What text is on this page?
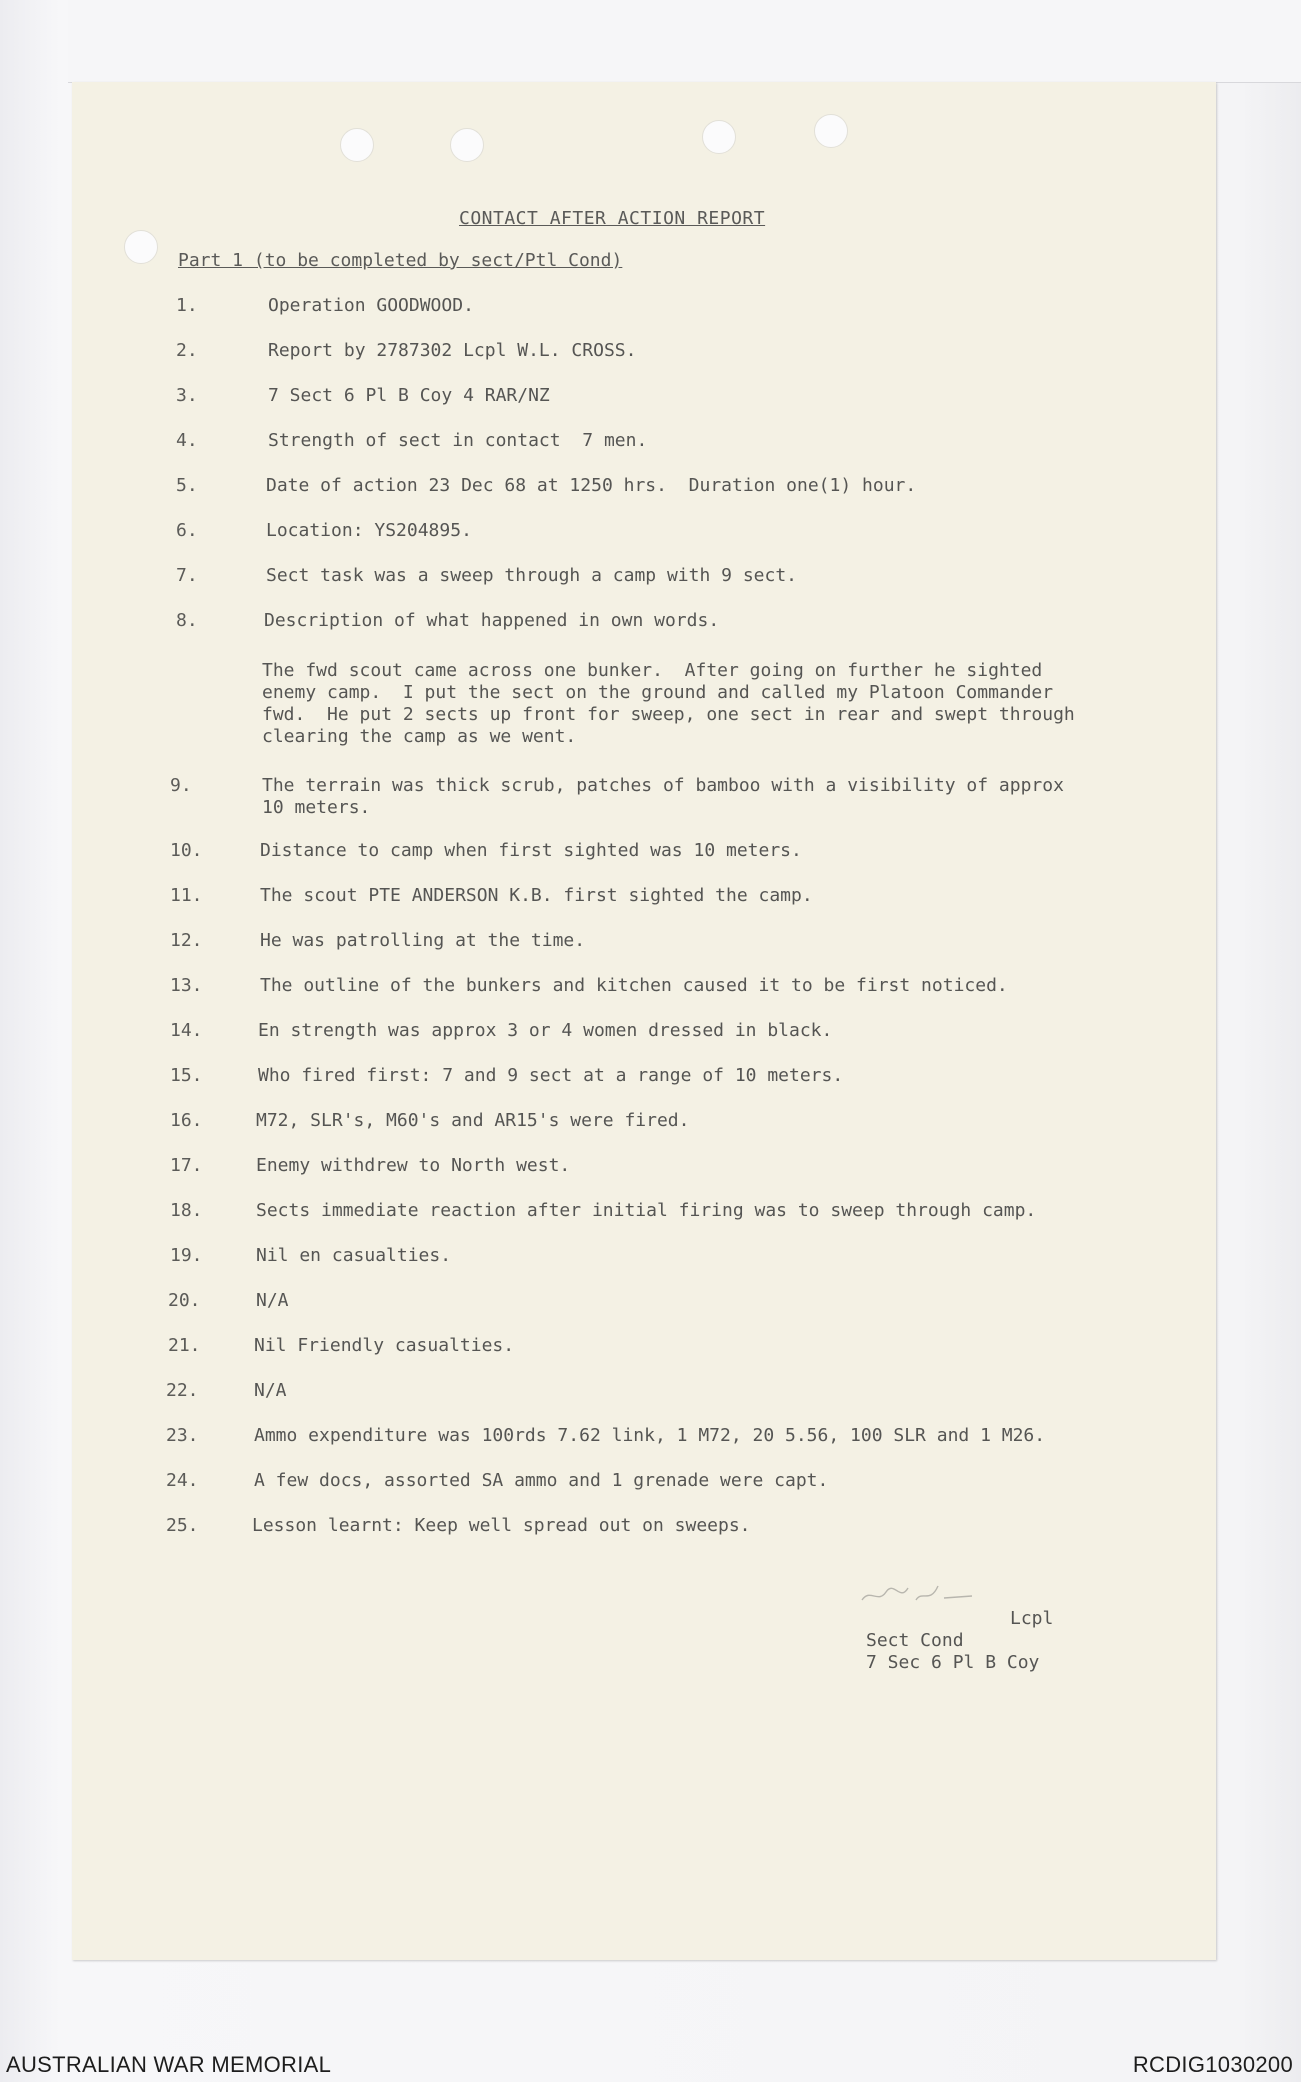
CONTACT AFTER ACTION REPORT
Part 1 (to be completed by sect/Ptl Cond)
1.	Operation GOODWOOD.
2.	Report by 2787302 Lcpl W.L. CROSS.
3.	7 Sect 6 Pl B Coy 4 RAR/NZ
4.	Strength of sect in contact  7 men.
5.	Date of action 23 Dec 68 at 1250 hrs.  Duration one(1) hour.
6.	Location: YS204895.
7.	Sect task was a sweep through a camp with 9 sect.
8.	Description of what happened in own words.
The fwd scout came across one bunker.  After going on further he sighted
enemy camp.  I put the sect on the ground and called my Platoon Commander
fwd.  He put 2 sects up front for sweep, one sect in rear and swept through
clearing the camp as we went.
9.	The terrain was thick scrub, patches of bamboo with a visibility of approx
10 meters.
10.	Distance to camp when first sighted was 10 meters.
11.	The scout PTE ANDERSON K.B. first sighted the camp.
12.	He was patrolling at the time.
13.	The outline of the bunkers and kitchen caused it to be first noticed.
14.	En strength was approx 3 or 4 women dressed in black.
15.	Who fired first: 7 and 9 sect at a range of 10 meters.
16.	M72, SLR's, M60's and AR15's were fired.
17.	Enemy withdrew to North west.
18.	Sects immediate reaction after initial firing was to sweep through camp.
19.	Nil en casualties.
20.	N/A
21.	Nil Friendly casualties.
22.	N/A
23.	Ammo expenditure was 100rds 7.62 link, 1 M72, 20 5.56, 100 SLR and 1 M26.
24.	A few docs, assorted SA ammo and 1 grenade were capt.
25.	Lesson learnt: Keep well spread out on sweeps.
Lcpl
Sect Cond
7 Sec 6 Pl B Coy
AUSTRALIAN WAR MEMORIAL	RCDIG1030200
